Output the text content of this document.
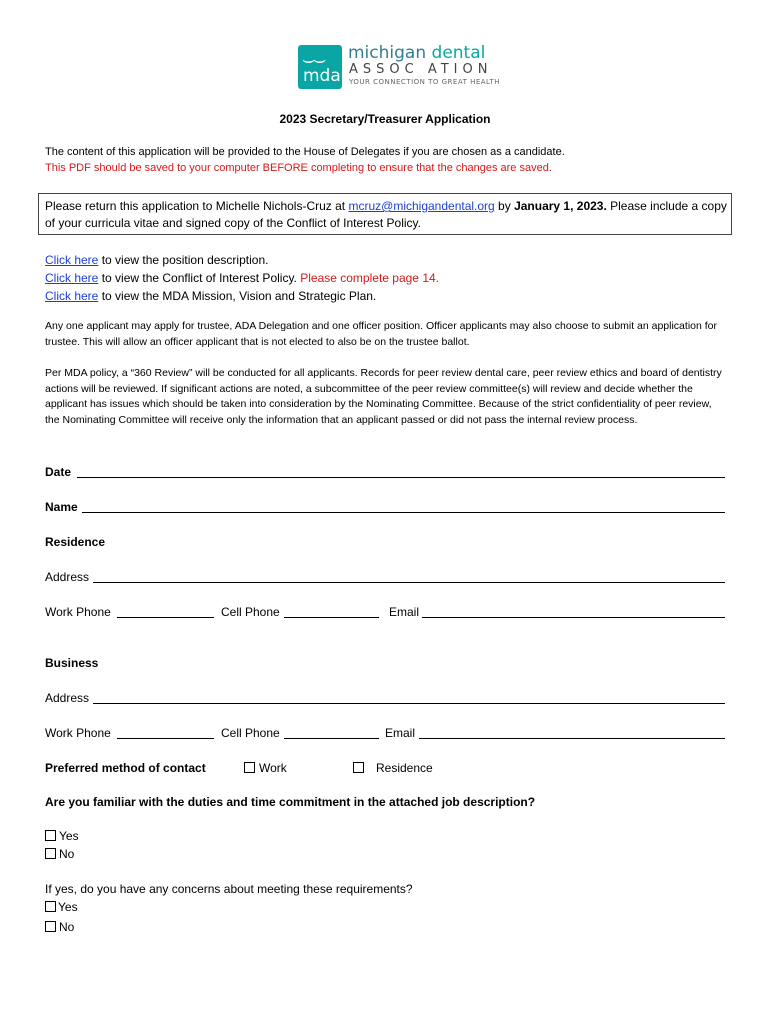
⌣⌣
mda
michigan dental
ASSOC ATION
YOUR CONNECTION TO GREAT HEALTH
2023 Secretary/Treasurer Application
The content of this application will be provided to the House of Delegates if you are chosen as a candidate.
This PDF should be saved to your computer BEFORE completing to ensure that the changes are saved.
Please return this application to Michelle Nichols-Cruz at mcruz@michigandental.org by January 1, 2023. Please include a copy of your curricula vitae and signed copy of the Conflict of Interest Policy.
Click here to view the position description.
Click here to view the Conflict of Interest Policy. Please complete page 14.
Click here to view the MDA Mission, Vision and Strategic Plan.
Any one applicant may apply for trustee, ADA Delegation and one officer position. Officer applicants may also choose to submit an application for trustee. This will allow an officer applicant that is not elected to also be on the trustee ballot.
Per MDA policy, a “360 Review” will be conducted for all applicants. Records for peer review dental care, peer review ethics and board of dentistry actions will be reviewed. If significant actions are noted, a subcommittee of the peer review committee(s) will review and decide whether the applicant has issues which should be taken into consideration by the Nominating Committee. Because of the strict confidentiality of peer review, the Nominating Committee will receive only the information that an applicant passed or did not pass the internal review process.
Date
Name
Residence
Address
Work Phone	Cell Phone	Email
Business
Address
Work Phone	Cell Phone	Email
Preferred method of contact	Work	Residence
Are you familiar with the duties and time commitment in the attached job description?
Yes
No
If yes, do you have any concerns about meeting these requirements?
Yes
No
